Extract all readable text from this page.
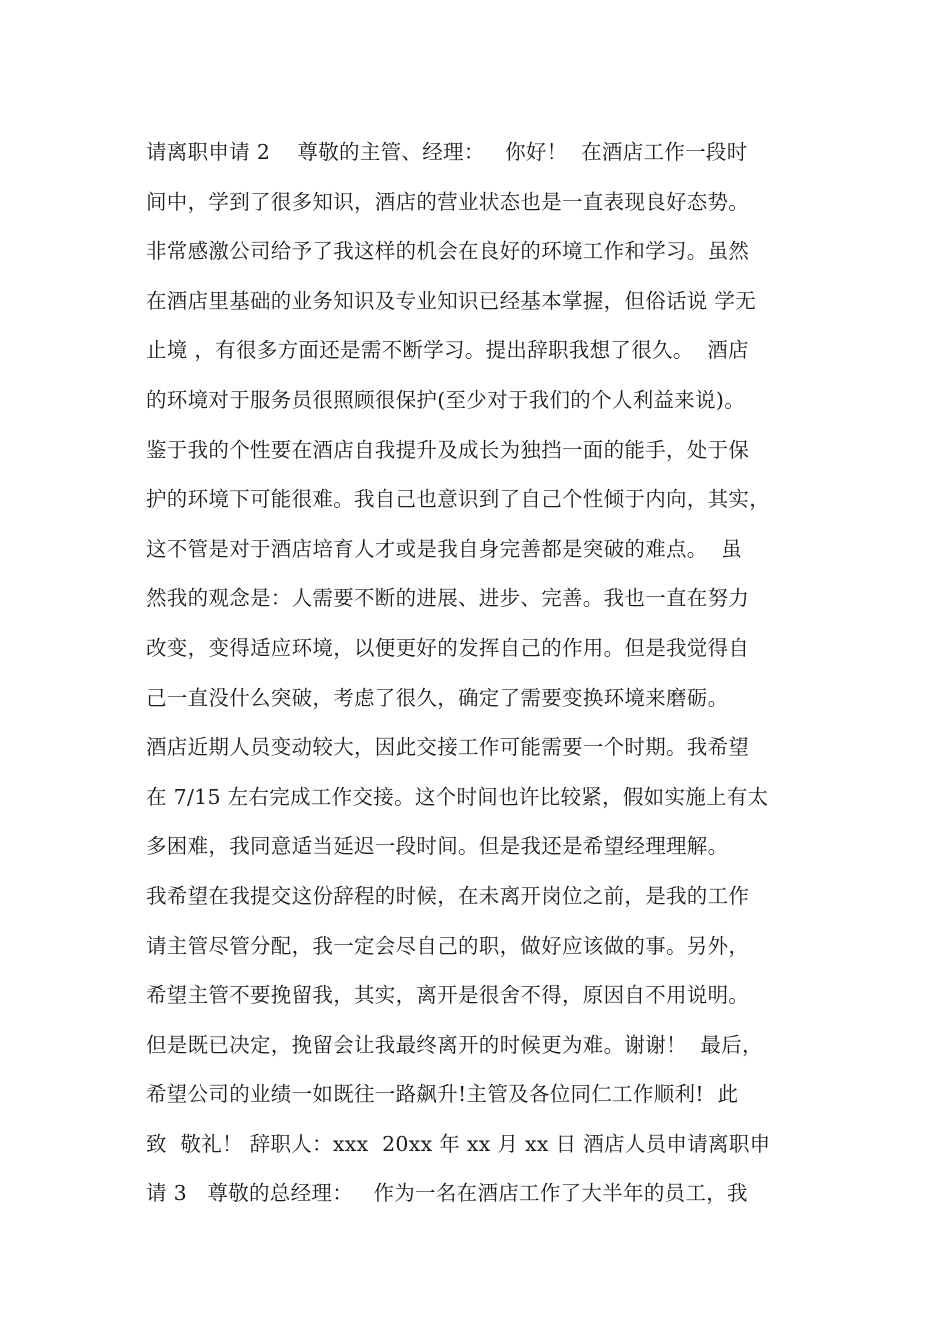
请离职申请 2    尊敬的主管、经理：   你好！  在酒店工作一段时
间中，学到了很多知识，酒店的营业状态也是一直表现良好态势。
非常感激公司给予了我这样的机会在良好的环境工作和学习。虽然
在酒店里基础的业务知识及专业知识已经基本掌握，但俗话说 学无
止境 ，有很多方面还是需不断学习。提出辞职我想了很久。  酒店
的环境对于服务员很照顾很保护(至少对于我们的个人利益来说)。
鉴于我的个性要在酒店自我提升及成长为独挡一面的能手，处于保
护的环境下可能很难。我自己也意识到了自己个性倾于内向，其实，
这不管是对于酒店培育人才或是我自身完善都是突破的难点。  虽
然我的观念是：人需要不断的进展、进步、完善。我也一直在努力
改变，变得适应环境，以便更好的发挥自己的作用。但是我觉得自
己一直没什么突破，考虑了很久，确定了需要变换环境来磨砺。
酒店近期人员变动较大，因此交接工作可能需要一个时期。我希望
在 7/15 左右完成工作交接。这个时间也许比较紧，假如实施上有太
多困难，我同意适当延迟一段时间。但是我还是希望经理理解。
我希望在我提交这份辞程的时候，在未离开岗位之前，是我的工作
请主管尽管分配，我一定会尽自己的职，做好应该做的事。另外，
希望主管不要挽留我，其实，离开是很舍不得，原因自不用说明。
但是既已决定，挽留会让我最终离开的时候更为难。谢谢！  最后，
希望公司的业绩一如既往一路飙升!主管及各位同仁工作顺利!  此
致  敬礼！ 辞职人：xxx  20xx 年 xx 月 xx 日 酒店人员申请离职申
请 3   尊敬的总经理：   作为一名在酒店工作了大半年的员工，我
